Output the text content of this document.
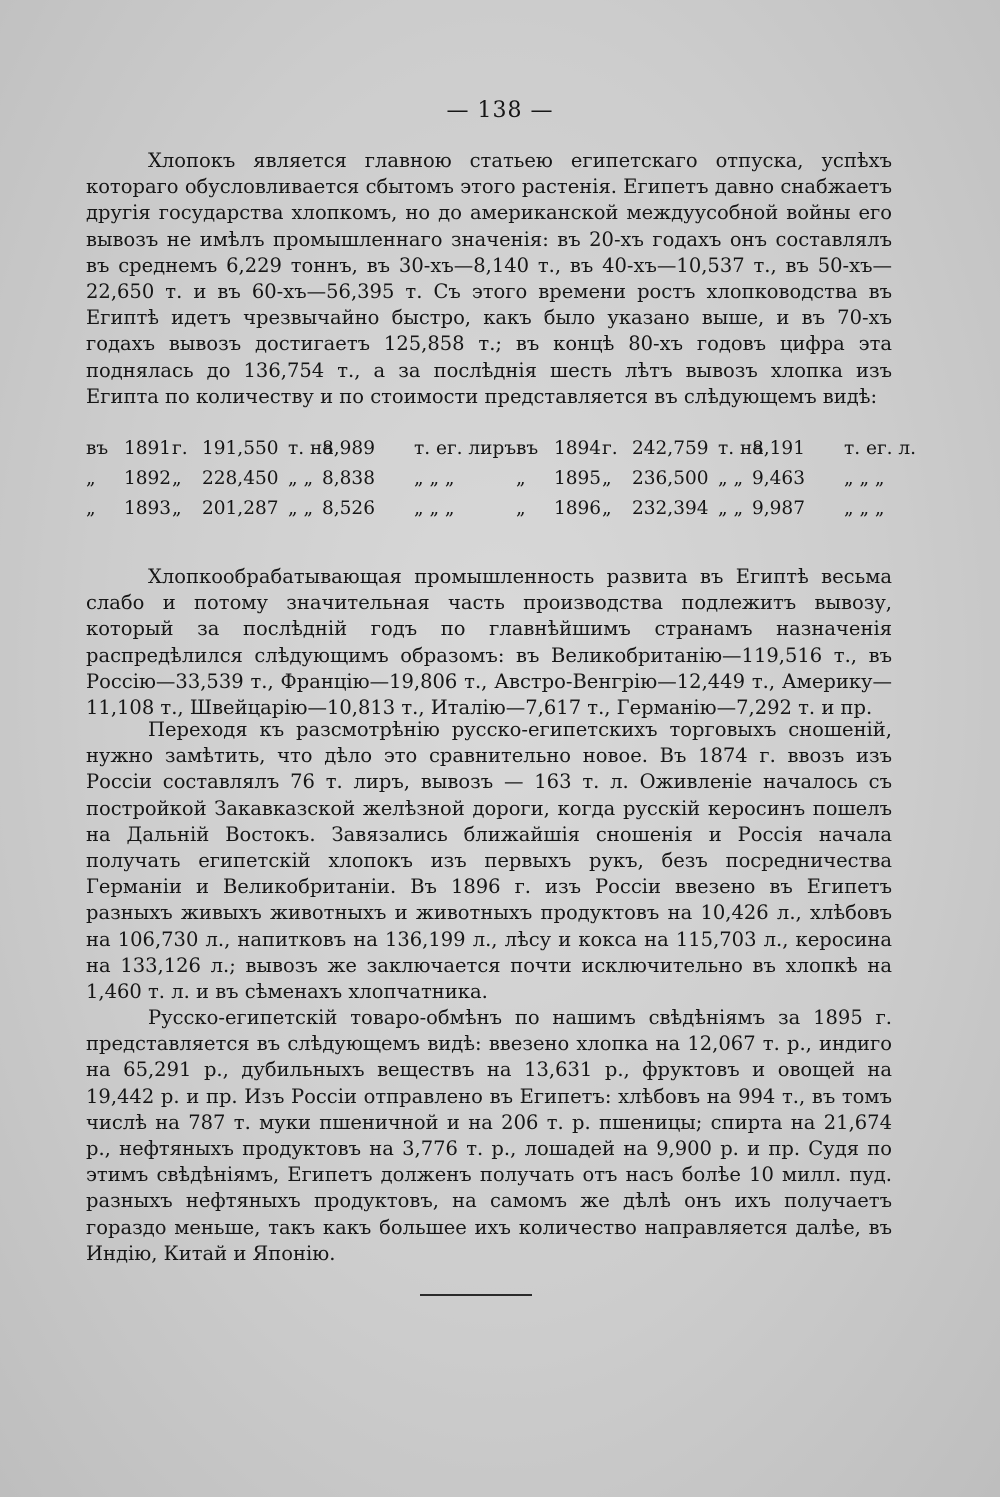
— 138 —

Хлопокъ является главною статьею египетскаго отпуска, успѣхъ котораго обусловливается сбытомъ этого растенія. Египетъ давно снабжаетъ другія государства хлопкомъ, но до американской междуусобной войны его вывозъ не имѣлъ промышленнаго значенія: въ 20-хъ годахъ онъ составлялъ въ среднемъ 6,229 тоннъ, въ 30-хъ—8,140 т., въ 40-хъ—10,537 т., въ 50-хъ—22,650 т. и въ 60-хъ—56,395 т. Съ этого времени ростъ хлопководства въ Египтѣ идетъ чрезвычайно быстро, какъ было указано выше, и въ 70-хъ годахъ вывозъ достигаетъ 125,858 т.; въ концѣ 80-хъ годовъ цифра эта поднялась до 136,754 т., а за послѣднія шесть лѣтъ вывозъ хлопка изъ Египта по количеству и по стоимости представляется въ слѣдующемъ видѣ:

въ 1891 г. 191,550 т. на
8,989 т. ег. лиръ.
„ 1892 „ 228,450 „ „ 8,838 „ „ „
„ 1893 „ 201,287 „ „ 8,526 „ „ „
въ 1894 г. 242,759 т. на
8,191 т. ег. л.
„ 1895 „ 236,500 „ „ 9,463 „ „ „
„ 1896 „ 232,394 „ „ 9,987 „ „ „

Хлопкообрабатывающая промышленность развита въ Египтѣ весьма слабо и потому значительная часть производства подлежитъ вывозу, который за послѣдній годъ по главнѣйшимъ странамъ назначенія распредѣлился слѣдующимъ образомъ: въ Великобританію—119,516 т., въ Россію—33,539 т., Францію—19,806 т., Австро-Венгрію—12,449 т., Америку—11,108 т., Швейцарію—10,813 т., Италію—7,617 т., Германію—7,292 т. и пр.

Переходя къ разсмотрѣнію русско-египетскихъ торговыхъ сношеній, нужно замѣтить, что дѣло это сравнительно новое. Въ 1874 г. ввозъ изъ Россіи составлялъ 76 т. лиръ, вывозъ — 163 т. л. Оживленіе началось съ постройкой Закавказской желѣзной дороги, когда русскій керосинъ пошелъ на Дальній Востокъ. Завязались ближайшія сношенія и Россія начала получать египетскій хлопокъ изъ первыхъ рукъ, безъ посредничества Германіи и Великобританіи. Въ 1896 г. изъ Россіи ввезено въ Египетъ разныхъ живыхъ животныхъ и животныхъ продуктовъ на 10,426 л., хлѣбовъ на 106,730 л., напитковъ на 136,199 л., лѣсу и кокса на 115,703 л., керосина на 133,126 л.; вывозъ же заключается почти исключительно въ хлопкѣ на 1,460 т. л. и въ сѣменахъ хлопчатника.

Русско-египетскій товаро-обмѣнъ по нашимъ свѣдѣніямъ за 1895 г. представляется въ слѣдующемъ видѣ: ввезено хлопка на 12,067 т. р., индиго на 65,291 р., дубильныхъ веществъ на 13,631 р., фруктовъ и овощей на 19,442 р. и пр. Изъ Россіи отправлено въ Египетъ: хлѣбовъ на 994 т., въ томъ числѣ на 787 т. муки пшеничной и на 206 т. р. пшеницы; спирта на 21,674 р., нефтяныхъ продуктовъ на 3,776 т. р., лошадей на 9,900 р. и пр. Судя по этимъ свѣдѣніямъ, Египетъ долженъ получать отъ насъ болѣе 10 милл. пуд. разныхъ нефтяныхъ продуктовъ, на самомъ же дѣлѣ онъ ихъ получаетъ гораздо меньше, такъ какъ большее ихъ количество направляется далѣе, въ Индію, Китай и Японію.
